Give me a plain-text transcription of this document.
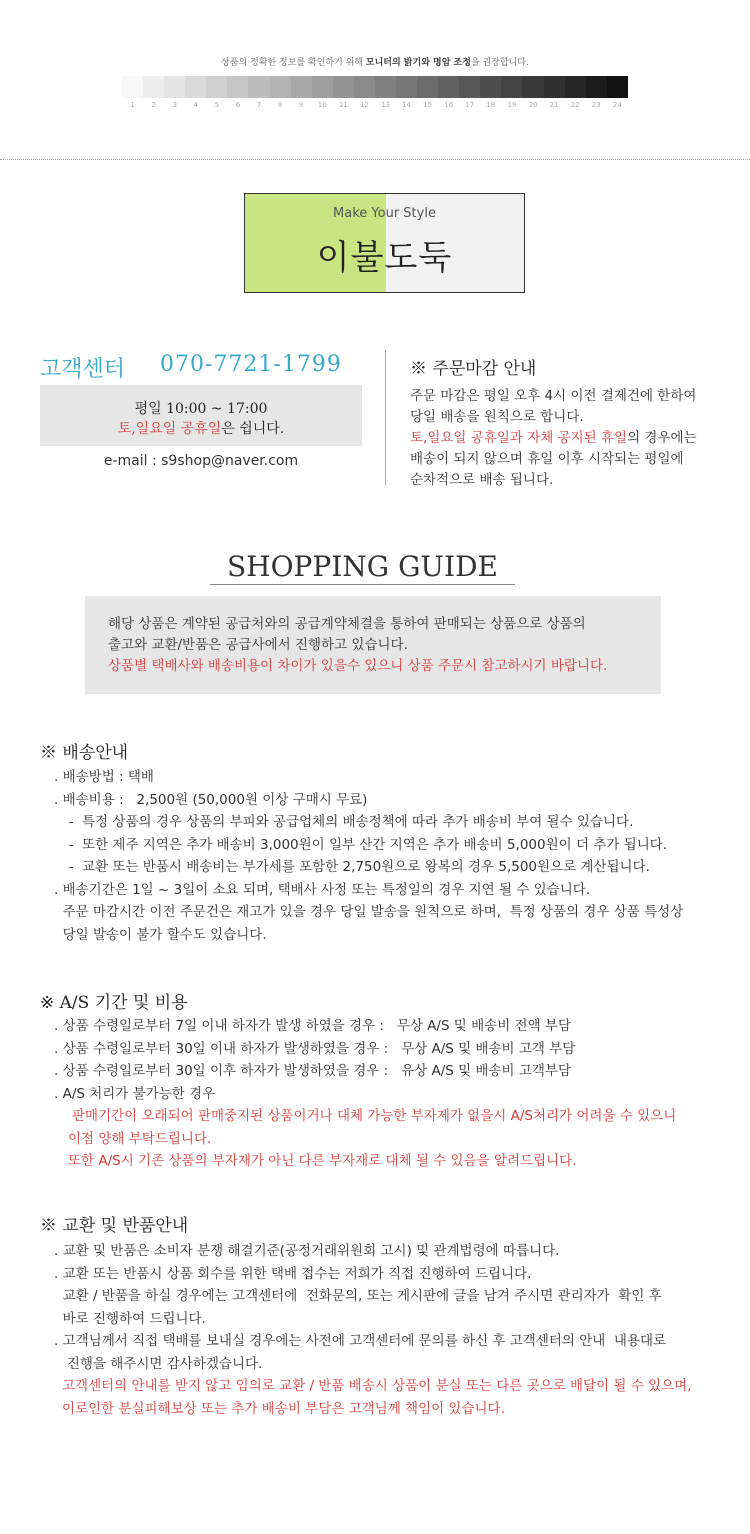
상품의 정확한 정보를 확인하기 위해 모니터의 밝기와 명암 조정을 권장합니다.
1	2	3	4	5	6	7	8	9	10	11	12	13	14	15	16	17	18	19	20	21	22	23	24
Make Your Style
이불도둑
고객센터 070-7721-1799
평일 10:00 ~ 17:00
토,일요일 공휴일은 쉽니다.
e-mail : s9shop@naver.com
※ 주문마감 안내
주문 마감은 평일 오후 4시 이전 결제건에 한하여
당일 배송을 원칙으로 합니다.
토,일요일 공휴일과 자체 공지된 휴일의 경우에는
배송이 되지 않으며 휴일 이후 시작되는 평일에
순차적으로 배송 됩니다.
SHOPPING GUIDE
해당 상품은 계약된 공급처와의 공급계약체결을 통하여 판매되는 상품으로 상품의
출고와 교환/반품은 공급사에서 진행하고 있습니다.
상품별 택배사와 배송비용이 차이가 있을수 있으니 상품 주문시 참고하시기 바랍니다.
※ 배송안내
. 배송방법 : 택배
. 배송비용 :   2,500원 (50,000원 이상 구매시 무료)
-  특정 상품의 경우 상품의 부피와 공급업체의 배송정책에 따라 추가 배송비 부여 될수 있습니다.
-  또한 제주 지역은 추가 배송비 3,000원이 일부 산간 지역은 추가 배송비 5,000원이 더 추가 됩니다.
-  교환 또는 반품시 배송비는 부가세를 포함한 2,750원으로 왕복의 경우 5,500원으로 계산됩니다.
. 배송기간은 1일 ~ 3일이 소요 되며, 택배사 사정 또는 특정일의 경우 지연 될 수 있습니다.
주문 마감시간 이전 주문건은 재고가 있을 경우 당일 발송을 원칙으로 하며,  특정 상품의 경우 상품 특성상
당일 발송이 불가 할수도 있습니다.
※ A/S 기간 및 비용
. 상품 수령일로부터 7일 이내 하자가 발생 하였을 경우 :   무상 A/S 및 배송비 전액 부담
. 상품 수령일로부터 30일 이내 하자가 발생하였을 경우 :   무상 A/S 및 배송비 고객 부담
. 상품 수령일로부터 30일 이후 하자가 발생하였을 경우 :   유상 A/S 및 배송비 고객부담
. A/S 처리가 불가능한 경우
판매기간이 오래되어 판매중지된 상품이거나 대체 가능한 부자제가 없을시 A/S처리가 어려울 수 있으니
이점 양해 부탁드립니다.
또한 A/S시 기존 상품의 부자재가 아닌 다른 부자재로 대체 될 수 있음을 알려드립니다.
※ 교환 및 반품안내
. 교환 및 반품은 소비자 분쟁 해결기준(공정거래위원회 고시) 및 관계법령에 따릅니다.
. 교환 또는 반품시 상품 회수를 위한 택배 접수는 저희가 직접 진행하여 드립니다.
교환 / 반품을 하실 경우에는 고객센터에  전화문의, 또는 게시판에 글을 남겨 주시면 관리자가  확인 후
바로 진행하여 드립니다.
. 고객님께서 직접 택배를 보내실 경우에는 사전에 고객센터에 문의를 하신 후 고객센터의 안내  내용대로
진행을 해주시면 감사하겠습니다.
고객센터의 안내를 받지 않고 임의로 교환 / 반품 배송시 상품이 분실 또는 다른 곳으로 배달이 될 수 있으며,
이로인한 분실피해보상 또는 추가 배송비 부담은 고객님께 책임이 있습니다.
